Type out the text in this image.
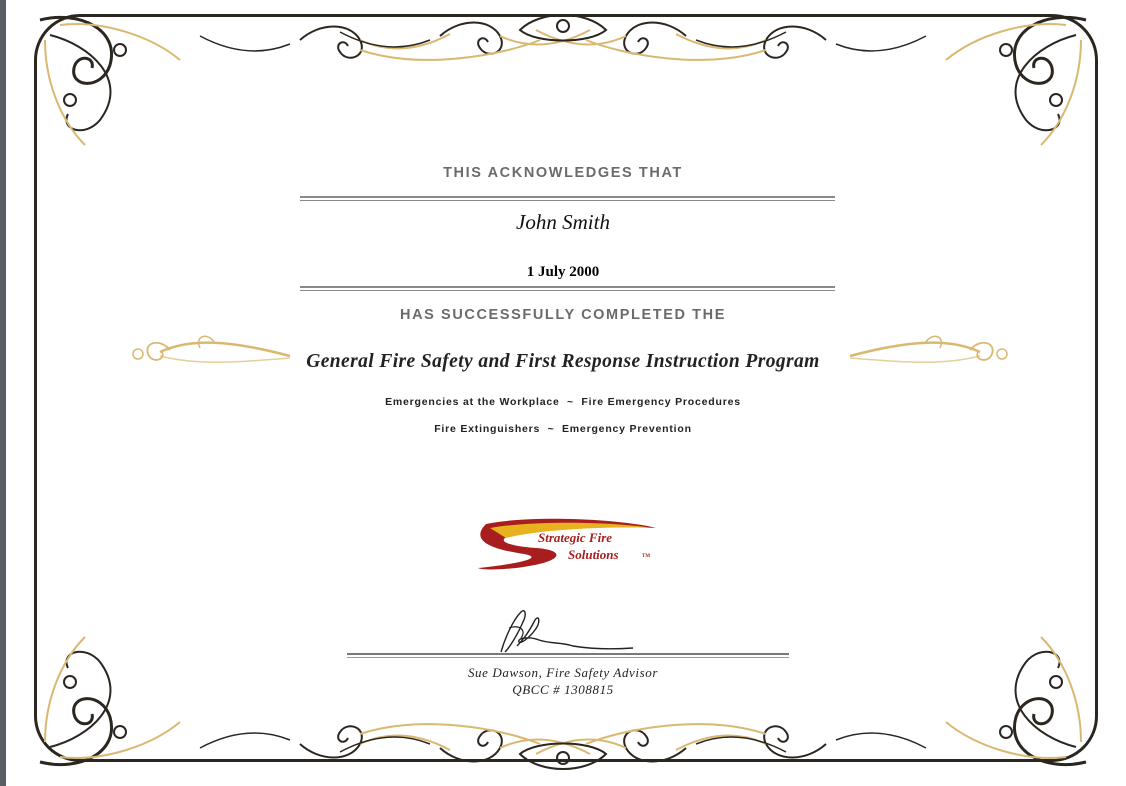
THIS ACKNOWLEDGES THAT
John Smith
1 July 2000
HAS SUCCESSFULLY COMPLETED THE
General Fire Safety and First Response Instruction Program
Emergencies at the Workplace  ~  Fire Emergency Procedures
Fire Extinguishers  ~  Emergency Prevention
Strategic Fire
Solutions	TM
Sue Dawson, Fire Safety Advisor
QBCC # 1308815
